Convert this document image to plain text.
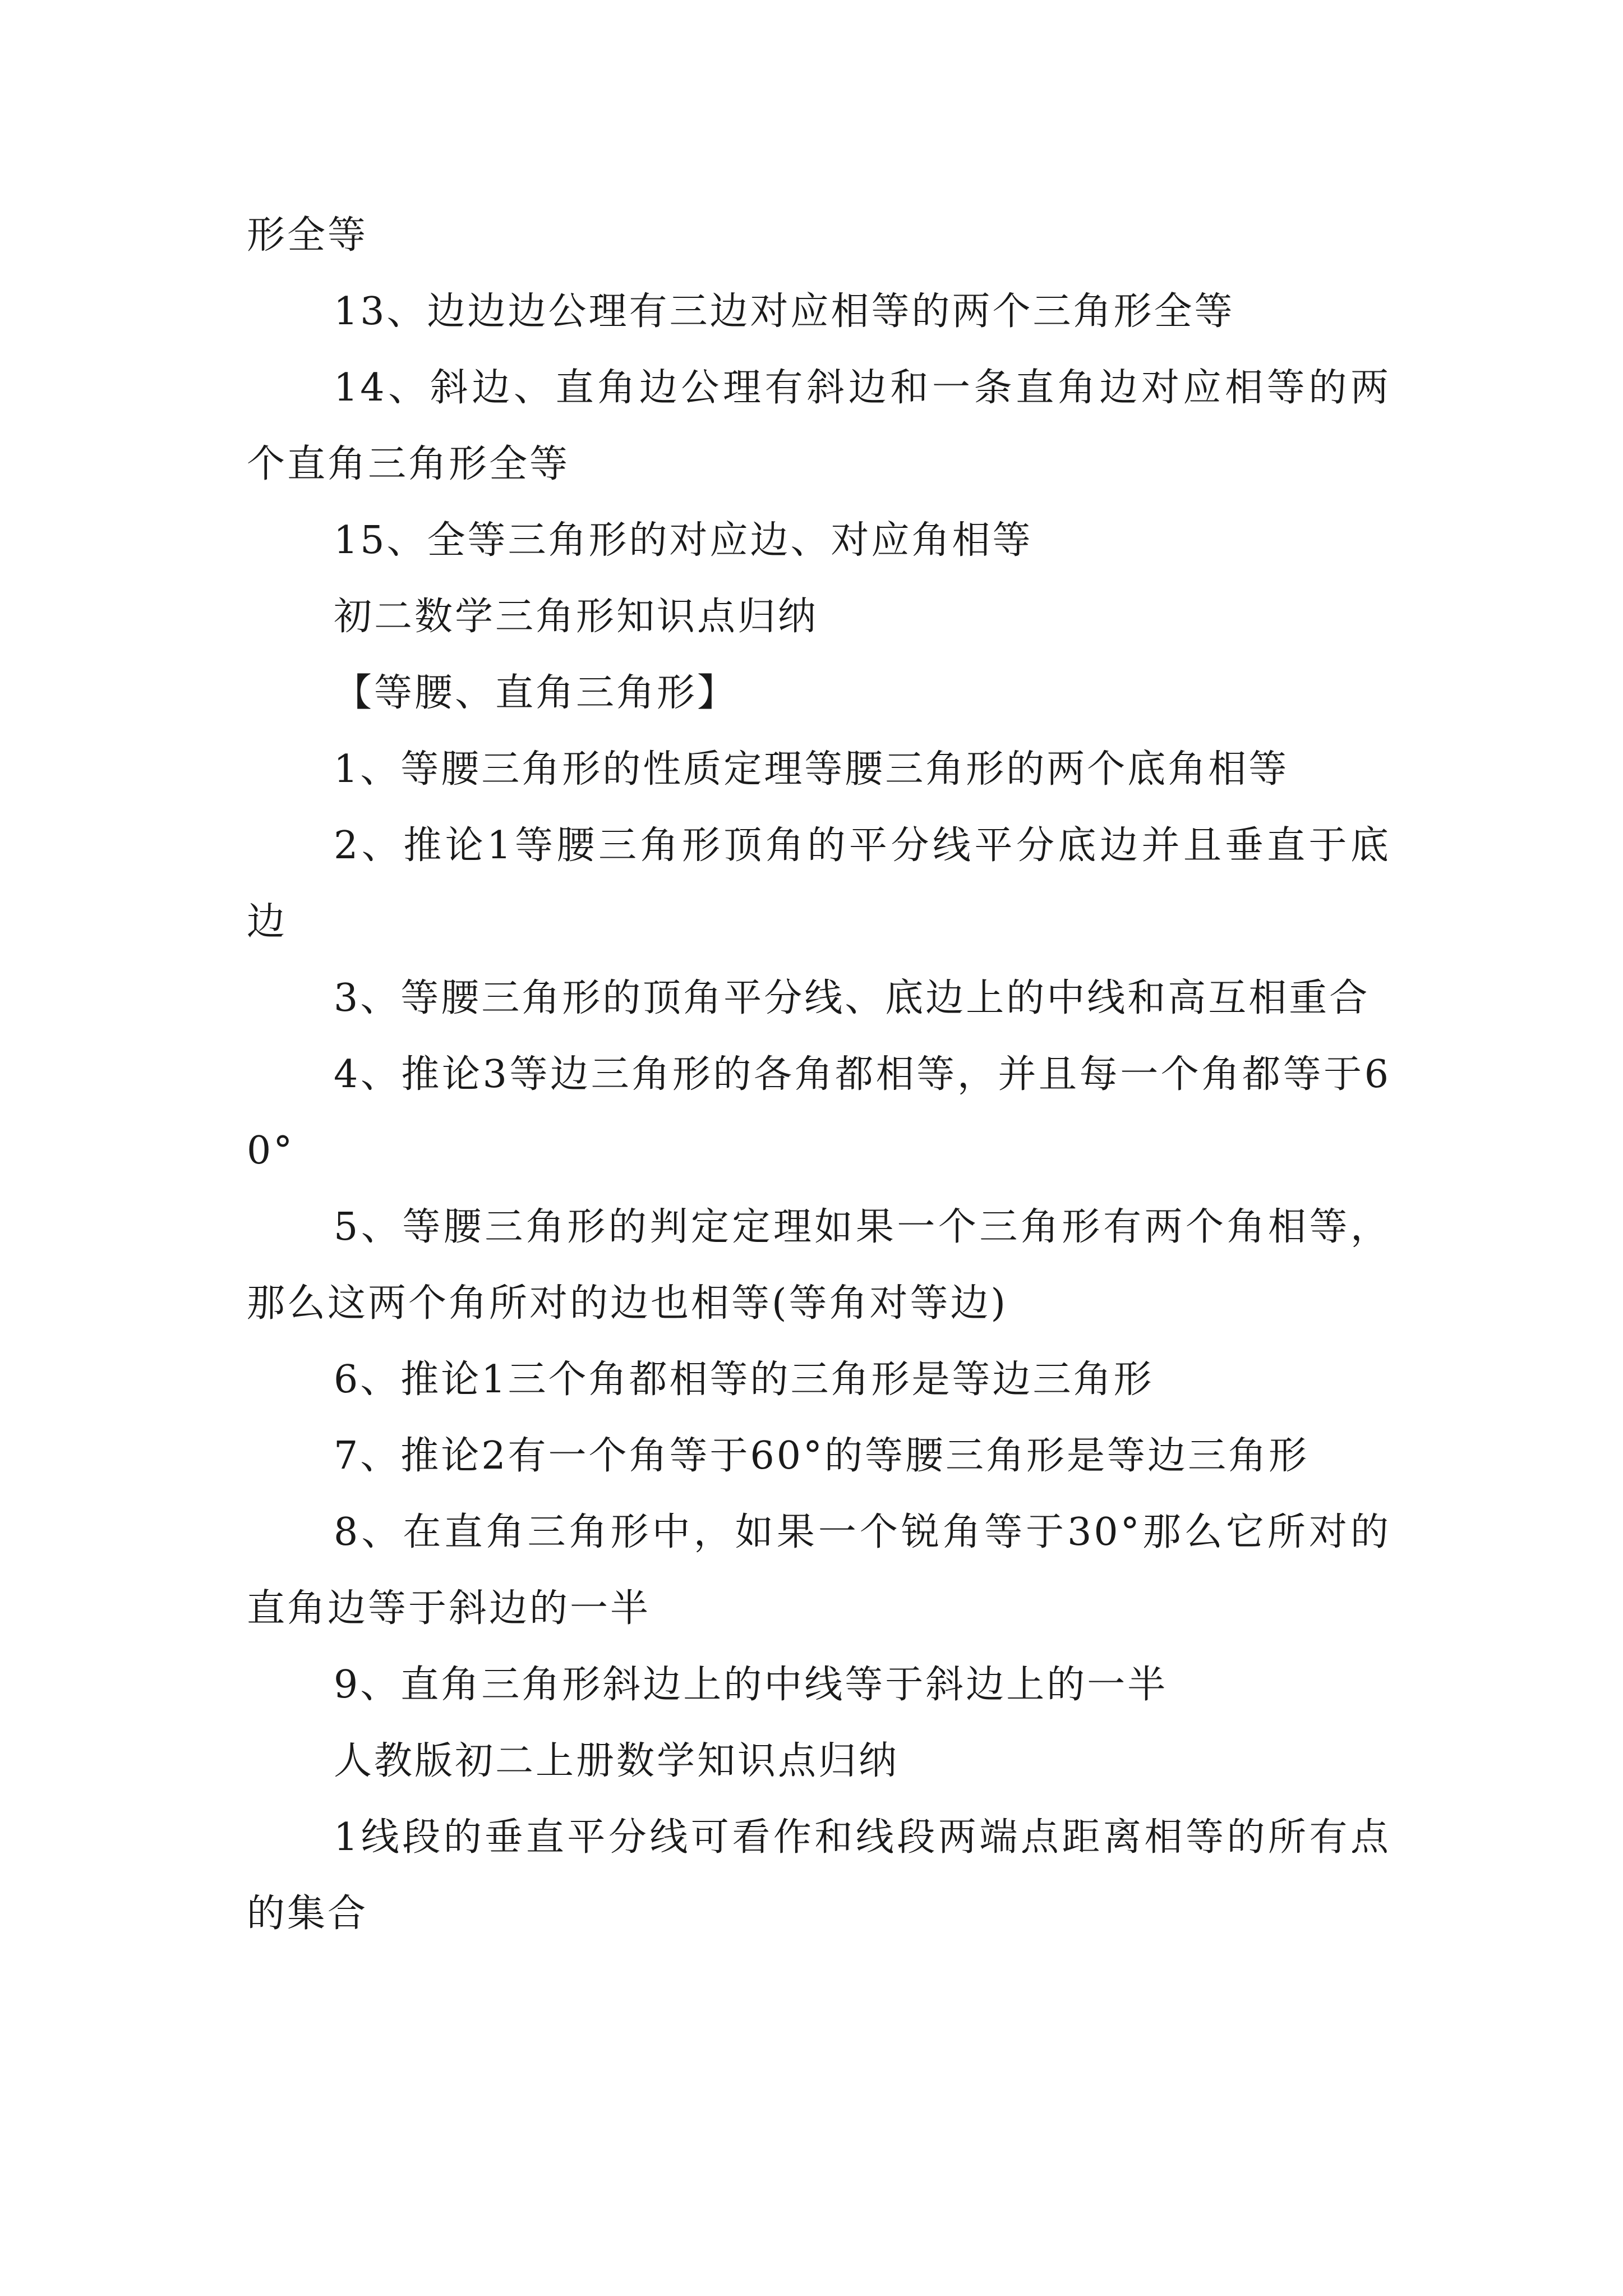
形全等

13、边边边公理有三边对应相等的两个三角形全等

14、斜边、直角边公理有斜边和一条直角边对应相等的两个直角三角形全等

15、全等三角形的对应边、对应角相等

初二数学三角形知识点归纳

【等腰、直角三角形】

1、等腰三角形的性质定理等腰三角形的两个底角相等

2、推论1等腰三角形顶角的平分线平分底边并且垂直于底边

3、等腰三角形的顶角平分线、底边上的中线和高互相重合

4、推论3等边三角形的各角都相等，并且每一个角都等于60°

5、等腰三角形的判定定理如果一个三角形有两个角相等，那么这两个角所对的边也相等(等角对等边)

6、推论1三个角都相等的三角形是等边三角形

7、推论2有一个角等于60°的等腰三角形是等边三角形

8、在直角三角形中，如果一个锐角等于30°那么它所对的直角边等于斜边的一半

9、直角三角形斜边上的中线等于斜边上的一半

人教版初二上册数学知识点归纳

1线段的垂直平分线可看作和线段两端点距离相等的所有点的集合
